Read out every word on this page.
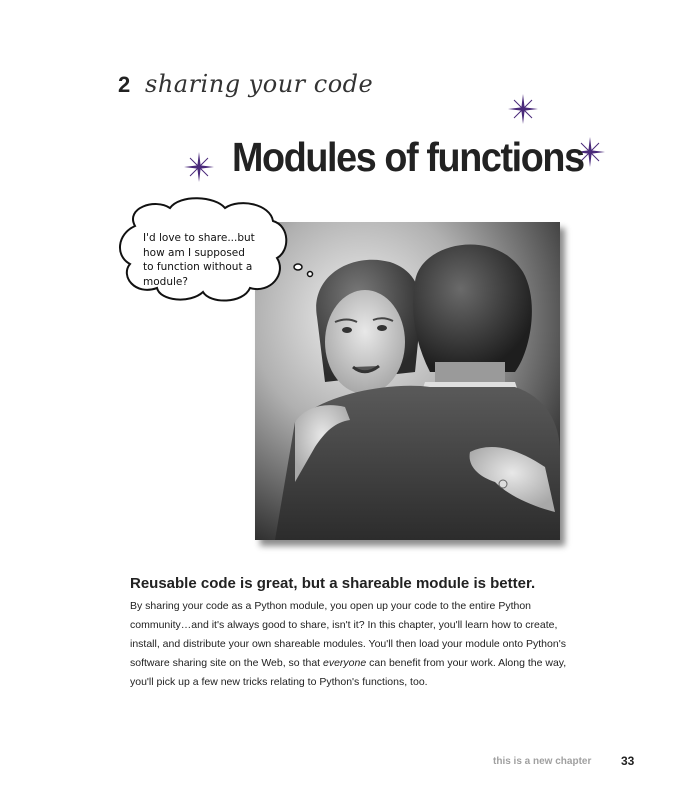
2 sharing your code
Modules of functions
I'd love to share...but
how am I supposed
to function without a
module?
Reusable code is great, but a shareable module is better.
By sharing your code as a Python module, you open up your code to the entire Python community…and it's always good to share, isn't it? In this chapter, you'll learn how to create, install, and distribute your own shareable modules. You'll then load your module onto Python's software sharing site on the Web, so that everyone can benefit from your work. Along the way, you'll pick up a few new tricks relating to Python's functions, too.
this is a new chapter 33
